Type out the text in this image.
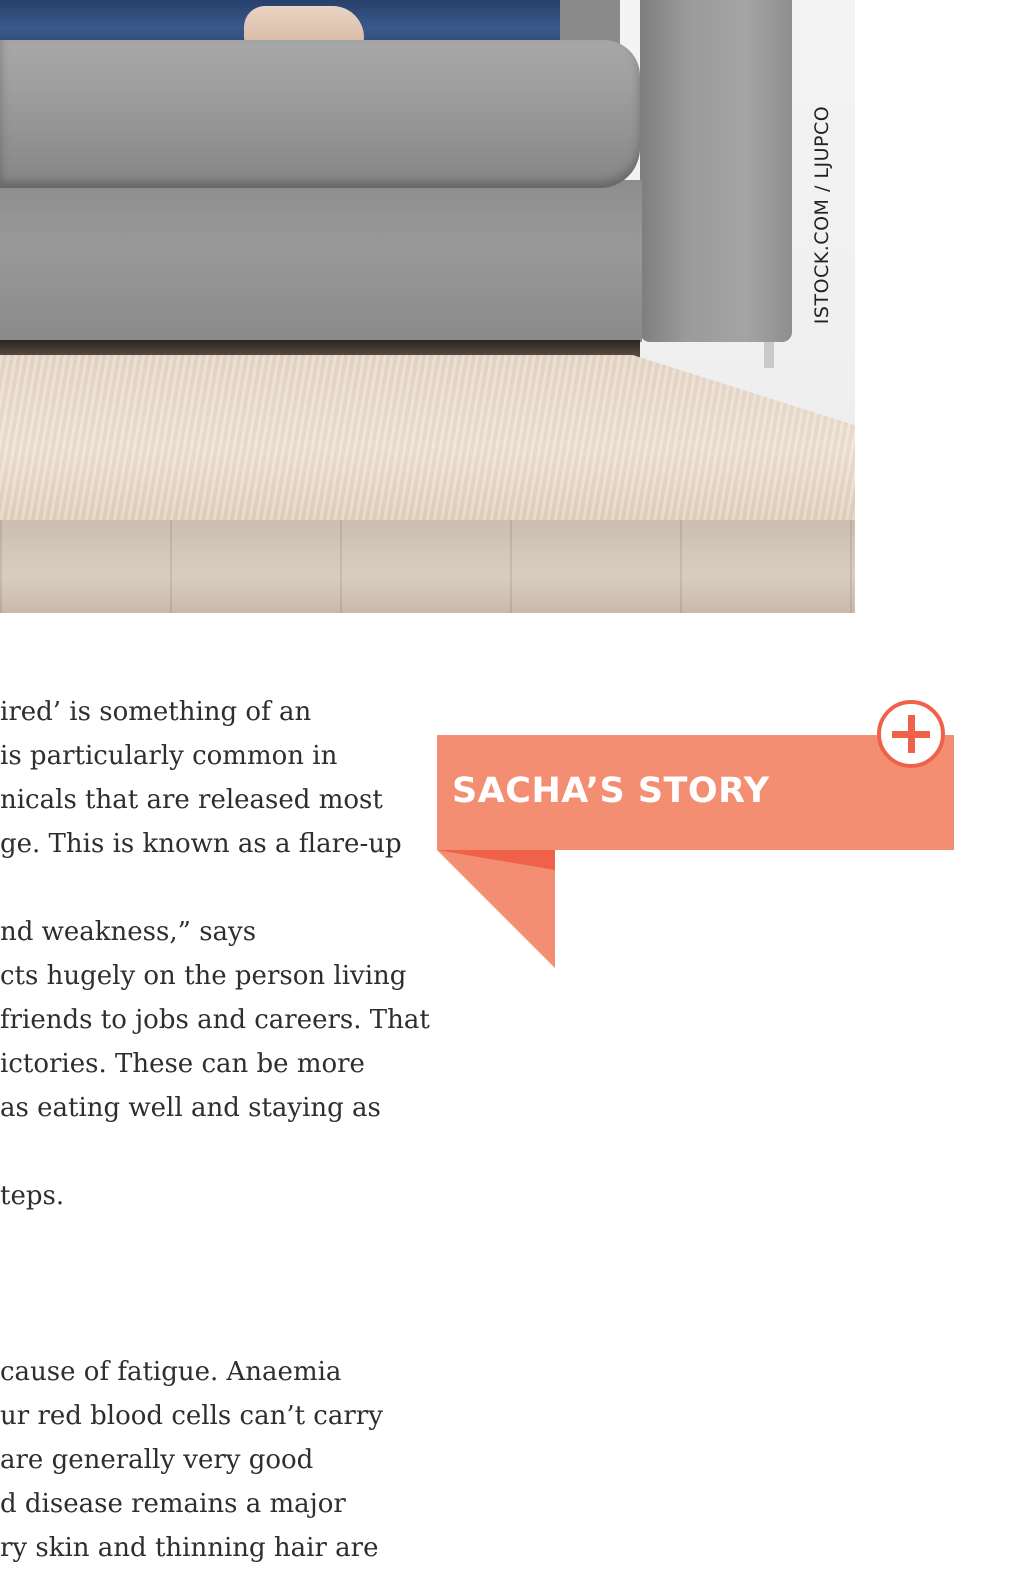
ISTOCK.COM / LJUPCO
ired’ is something of an
is particularly common in
nicals that are released most
ge. This is known as a flare-up
nd weakness,” says
cts hugely on the person living
friends to jobs and careers. That
ictories. These can be more
as eating well and staying as
teps.
cause of fatigue. Anaemia
ur red blood cells can’t carry
are generally very good
d disease remains a major
ry skin and thinning hair are
SACHA’S STORY
